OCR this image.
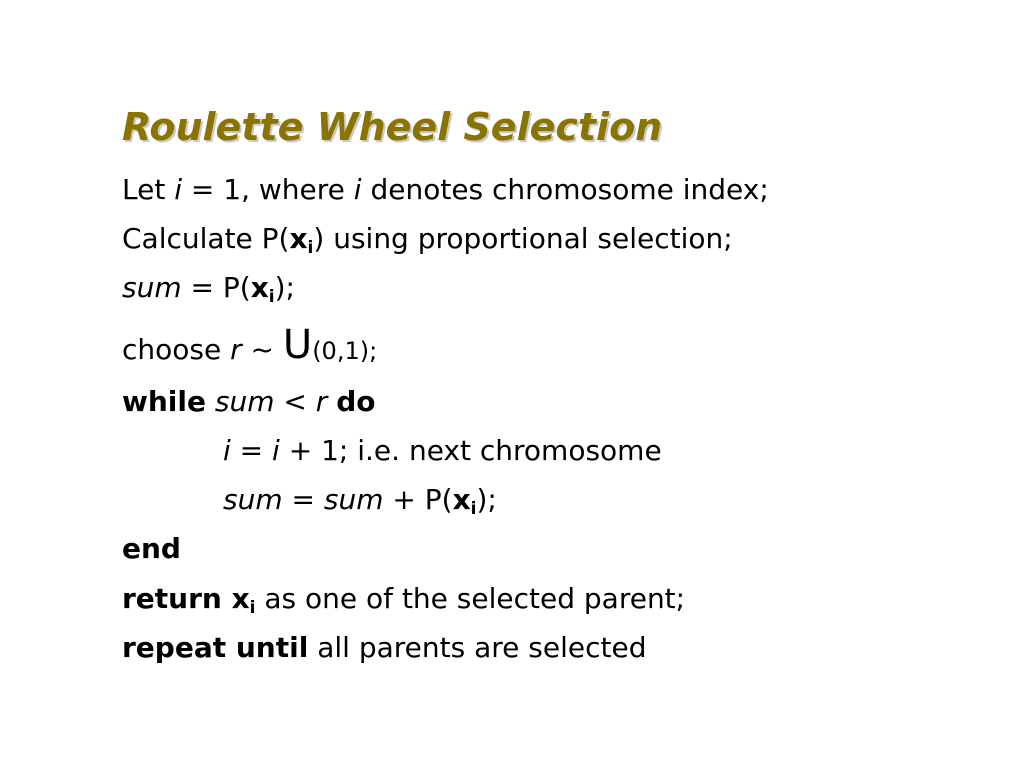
Roulette Wheel Selection
Let i = 1, where i denotes chromosome index;
Calculate $P(x_i)$ using proportional selection;
sum = $P(x_i)$;
choose r ~ U(0,1);
while sum < r do
i = i + 1; i.e. next chromosome
sum = sum + $P(x_i)$;
end
return $x_i$ as one of the selected parent;
repeat until all parents are selected
